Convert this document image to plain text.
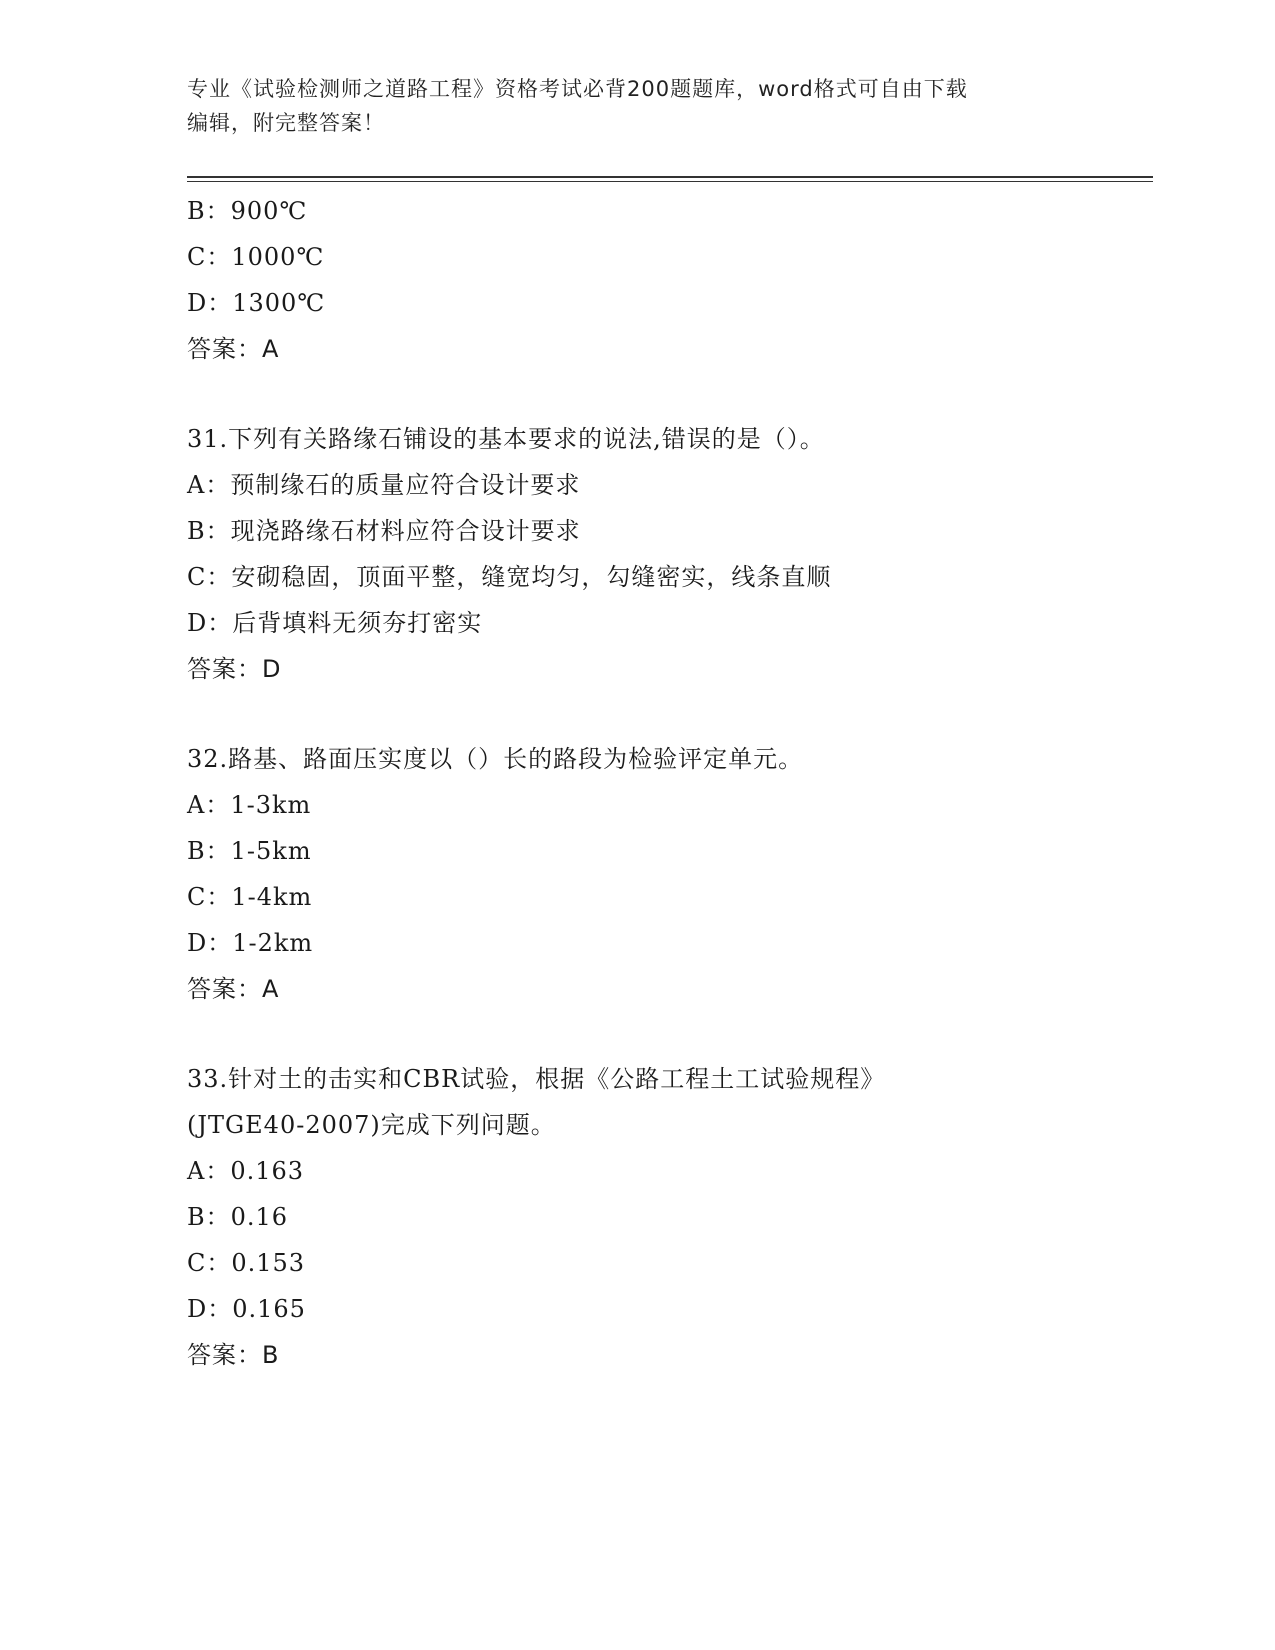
专业《试验检测师之道路工程》资格考试必背200题题库，word格式可自由下载
编辑，附完整答案！
B：900℃
C：1000℃
D：1300℃
答案：A
31.下列有关路缘石铺设的基本要求的说法,错误的是（）。
A：预制缘石的质量应符合设计要求
B：现浇路缘石材料应符合设计要求
C：安砌稳固，顶面平整，缝宽均匀，勾缝密实，线条直顺
D：后背填料无须夯打密实
答案：D
32.路基、路面压实度以（）长的路段为检验评定单元。
A：1-3km
B：1-5km
C：1-4km
D：1-2km
答案：A
33.针对土的击实和CBR试验，根据《公路工程土工试验规程》
(JTGE40-2007)完成下列问题。
A：0.163
B：0.16
C：0.153
D：0.165
答案：B
